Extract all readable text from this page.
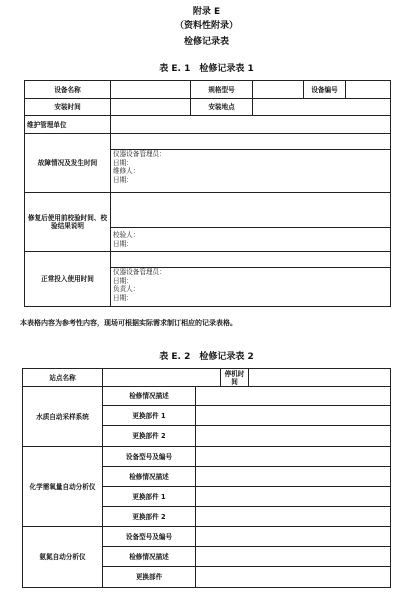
附录 E
（资料性附录）
检修记录表
表 E. 1　检修记录表 1
设备名称		规格型号		设备编号	
安装时间		安装地点			
维护管理单位					
故障情况及发生时间					

	仪器设备管理员：
日期：
维修人：
日期：				

修复后使用前校验时间、校验结果说明					

	校验人：
日期：				

正常投入使用时间					

	仪器设备管理员：
日期：
负责人：
日期：				
本表格内容为参考性内容，现场可根据实际需求制订相应的记录表格。
表 E. 2　检修记录表 2
站点名称			停机时间	
水质自动采样系统	检修情况描述			
	更换部件 1			
	更换部件 2			
化学需氧量自动分析仪	设备型号及编号			
	检修情况描述			
	更换部件 1			
	更换部件 2			
氨氮自动分析仪	设备型号及编号			
	检修情况描述			
	更换部件			
